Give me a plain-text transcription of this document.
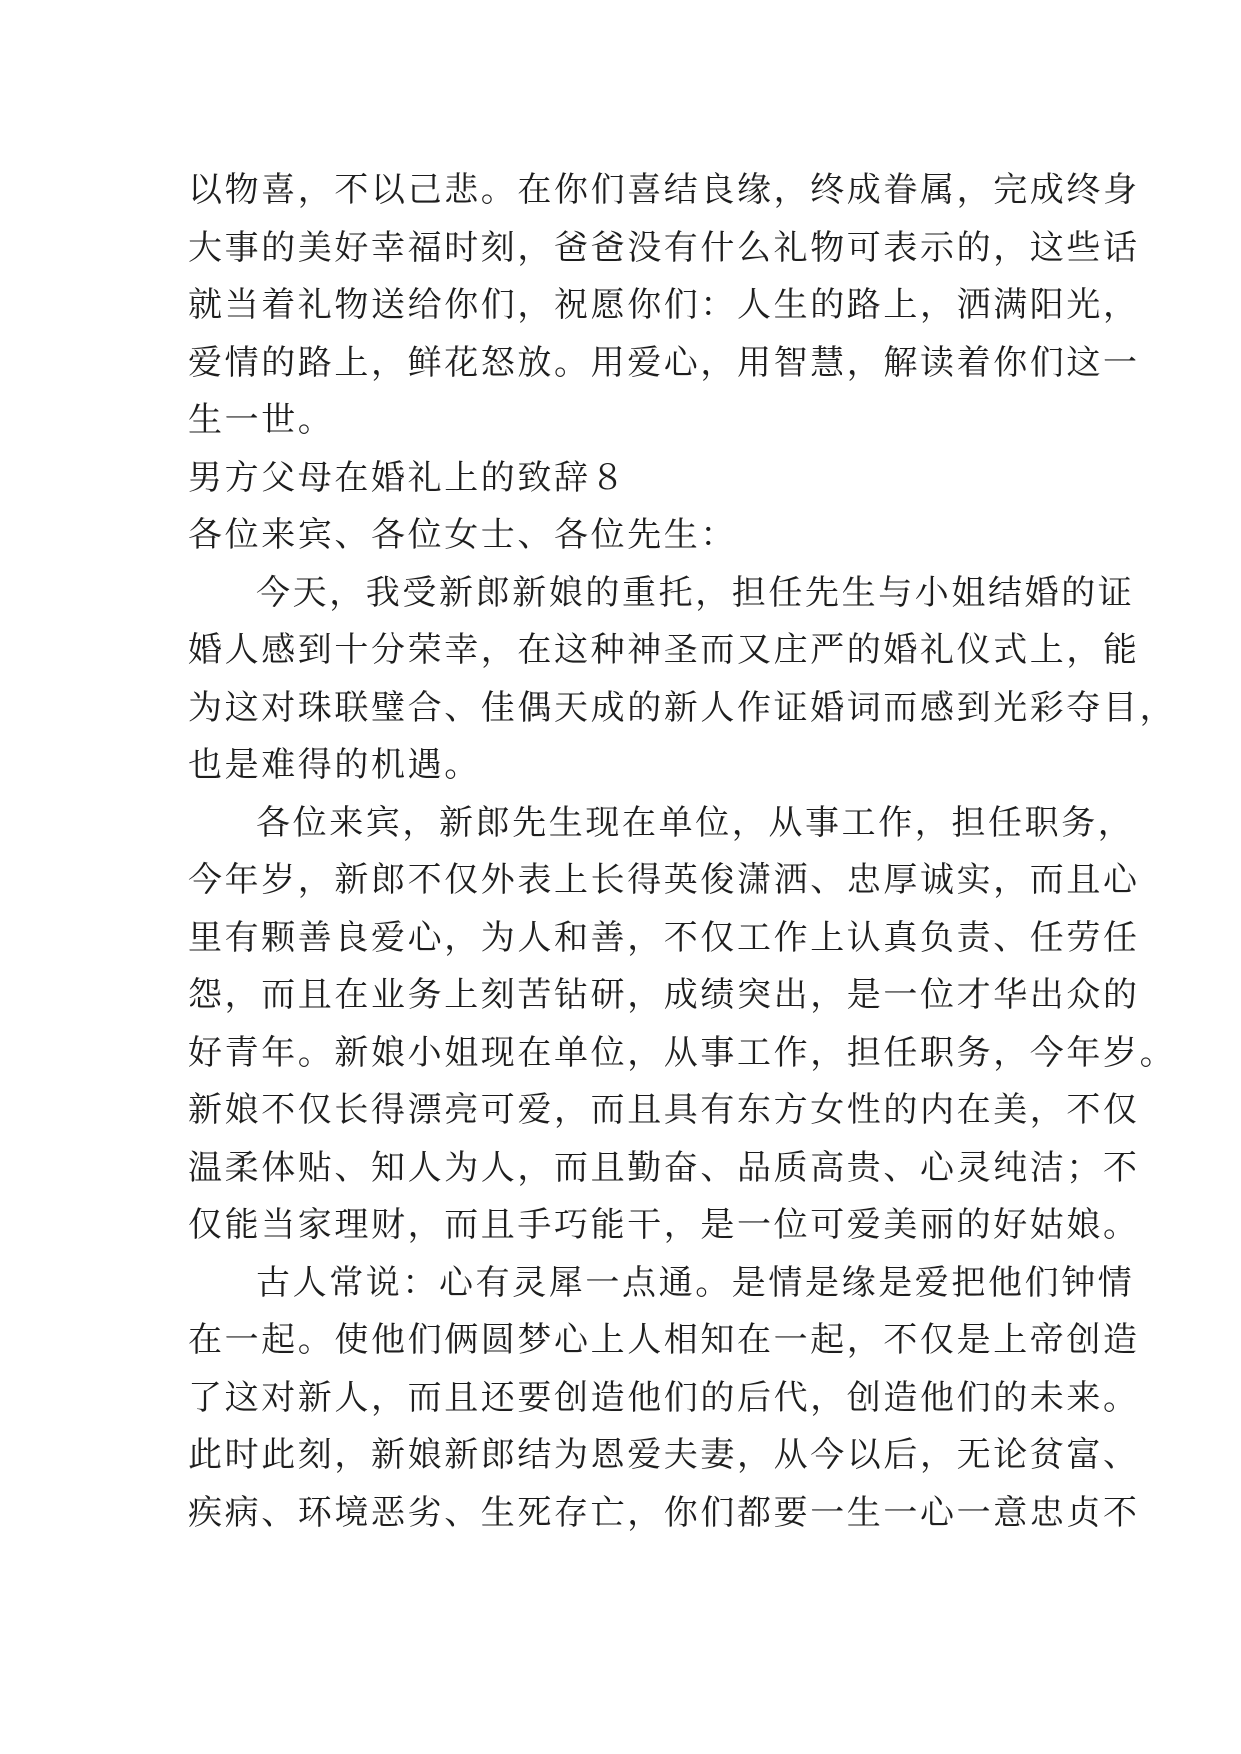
以物喜，不以己悲。在你们喜结良缘，终成眷属，完成终身
大事的美好幸福时刻，爸爸没有什么礼物可表示的，这些话
就当着礼物送给你们，祝愿你们：人生的路上，洒满阳光，
爱情的路上，鲜花怒放。用爱心，用智慧，解读着你们这一
生一世。
男方父母在婚礼上的致辞８
各位来宾、各位女士、各位先生：
今天，我受新郎新娘的重托，担任先生与小姐结婚的证
婚人感到十分荣幸，在这种神圣而又庄严的婚礼仪式上，能
为这对珠联璧合、佳偶天成的新人作证婚词而感到光彩夺目，
也是难得的机遇。
各位来宾，新郎先生现在单位，从事工作，担任职务，
今年岁，新郎不仅外表上长得英俊潇洒、忠厚诚实，而且心
里有颗善良爱心，为人和善，不仅工作上认真负责、任劳任
怨，而且在业务上刻苦钻研，成绩突出，是一位才华出众的
好青年。新娘小姐现在单位，从事工作，担任职务，今年岁。
新娘不仅长得漂亮可爱，而且具有东方女性的内在美，不仅
温柔体贴、知人为人，而且勤奋、品质高贵、心灵纯洁；不
仅能当家理财，而且手巧能干，是一位可爱美丽的好姑娘。
古人常说：心有灵犀一点通。是情是缘是爱把他们钟情
在一起。使他们俩圆梦心上人相知在一起，不仅是上帝创造
了这对新人，而且还要创造他们的后代，创造他们的未来。
此时此刻，新娘新郎结为恩爱夫妻，从今以后，无论贫富、
疾病、环境恶劣、生死存亡，你们都要一生一心一意忠贞不
